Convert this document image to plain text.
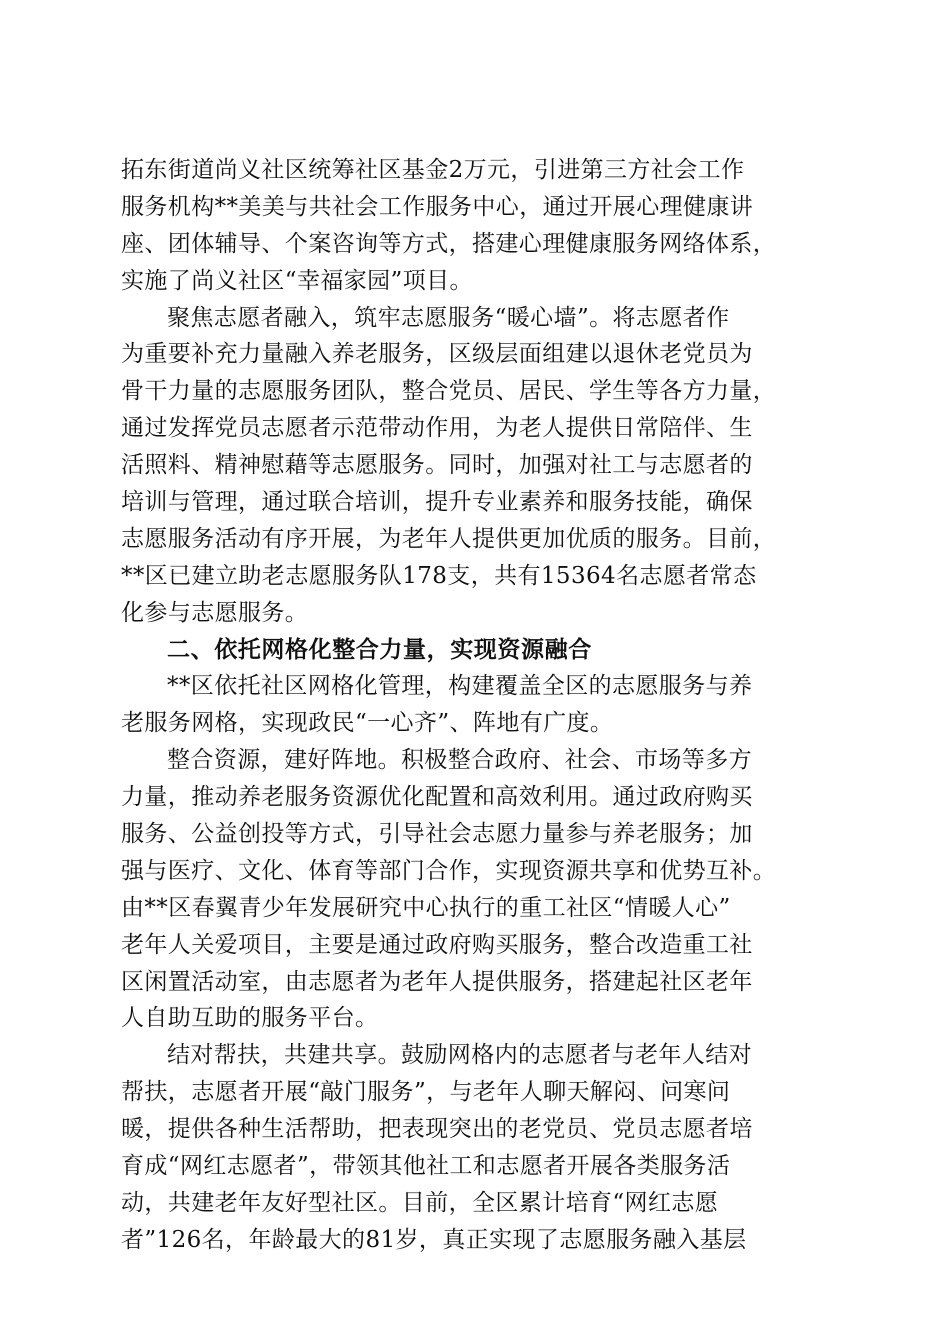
拓东街道尚义社区统筹社区基金2万元，引进第三方社会工作
服务机构**美美与共社会工作服务中心，通过开展心理健康讲
座、团体辅导、个案咨询等方式，搭建心理健康服务网络体系，
实施了尚义社区“幸福家园”项目。
聚焦志愿者融入，筑牢志愿服务“暖心墙”。将志愿者作
为重要补充力量融入养老服务，区级层面组建以退休老党员为
骨干力量的志愿服务团队，整合党员、居民、学生等各方力量，
通过发挥党员志愿者示范带动作用，为老人提供日常陪伴、生
活照料、精神慰藉等志愿服务。同时，加强对社工与志愿者的
培训与管理，通过联合培训，提升专业素养和服务技能，确保
志愿服务活动有序开展，为老年人提供更加优质的服务。目前，
**区已建立助老志愿服务队178支，共有15364名志愿者常态
化参与志愿服务。
二、依托网格化整合力量，实现资源融合
**区依托社区网格化管理，构建覆盖全区的志愿服务与养
老服务网格，实现政民“一心齐”、阵地有广度。
整合资源，建好阵地。积极整合政府、社会、市场等多方
力量，推动养老服务资源优化配置和高效利用。通过政府购买
服务、公益创投等方式，引导社会志愿力量参与养老服务；加
强与医疗、文化、体育等部门合作，实现资源共享和优势互补。
由**区春翼青少年发展研究中心执行的重工社区“情暖人心”
老年人关爱项目，主要是通过政府购买服务，整合改造重工社
区闲置活动室，由志愿者为老年人提供服务，搭建起社区老年
人自助互助的服务平台。
结对帮扶，共建共享。鼓励网格内的志愿者与老年人结对
帮扶，志愿者开展“敲门服务”，与老年人聊天解闷、问寒问
暖，提供各种生活帮助，把表现突出的老党员、党员志愿者培
育成“网红志愿者”，带领其他社工和志愿者开展各类服务活
动，共建老年友好型社区。目前，全区累计培育“网红志愿
者”126名，年龄最大的81岁，真正实现了志愿服务融入基层
